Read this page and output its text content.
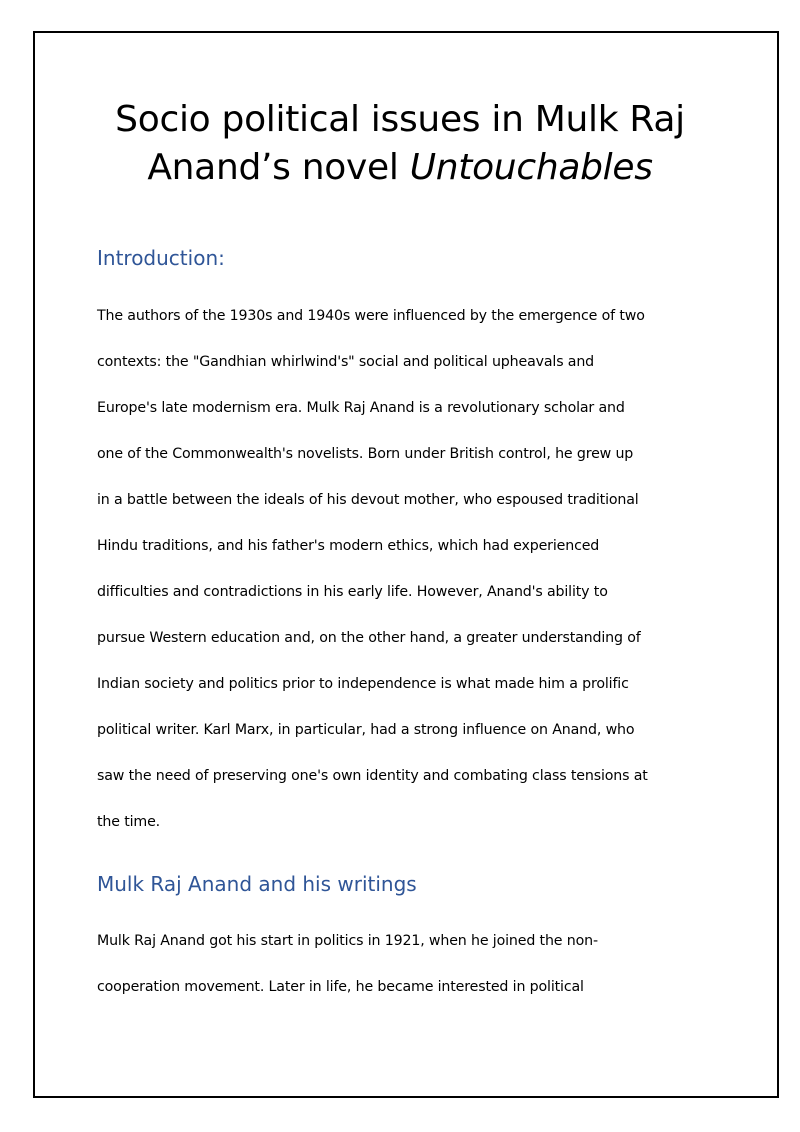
Socio political issues in Mulk Raj
Anand’s novel Untouchables
Introduction:
The authors of the 1930s and 1940s were influenced by the emergence of two
contexts: the "Gandhian whirlwind's" social and political upheavals and
Europe's late modernism era. Mulk Raj Anand is a revolutionary scholar and
one of the Commonwealth's novelists. Born under British control, he grew up
in a battle between the ideals of his devout mother, who espoused traditional
Hindu traditions, and his father's modern ethics, which had experienced
difficulties and contradictions in his early life. However, Anand's ability to
pursue Western education and, on the other hand, a greater understanding of
Indian society and politics prior to independence is what made him a prolific
political writer. Karl Marx, in particular, had a strong influence on Anand, who
saw the need of preserving one's own identity and combating class tensions at
the time.
Mulk Raj Anand and his writings
Mulk Raj Anand got his start in politics in 1921, when he joined the non-
cooperation movement. Later in life, he became interested in political
